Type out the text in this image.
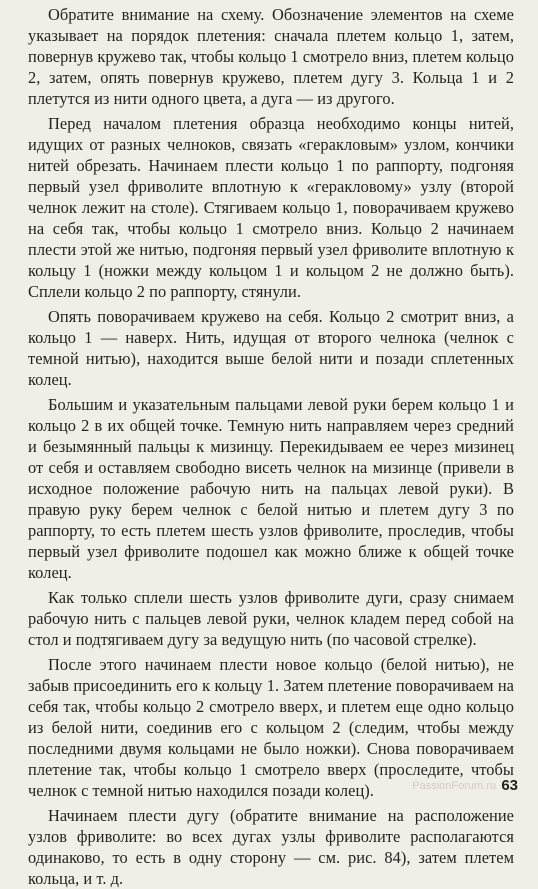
Обратите внимание на схему. Обозначение элементов на схеме указывает на порядок плетения: сначала плетем кольцо 1, затем, повернув кружево так, чтобы кольцо 1 смотрело вниз, плетем кольцо 2, затем, опять повернув кружево, плетем дугу 3. Кольца 1 и 2 плетутся из нити одного цвета, а дуга — из другого.

Перед началом плетения образца необходимо концы нитей, идущих от разных челноков, связать «геракловым» узлом, кончики нитей обрезать. Начинаем плести кольцо 1 по раппорту, подгоняя первый узел фриволите вплотную к «геракловому» узлу (второй челнок лежит на столе). Стягиваем кольцо 1, поворачиваем кружево на себя так, чтобы кольцо 1 смотрело вниз. Кольцо 2 начинаем плести этой же нитью, подгоняя первый узел фриволите вплотную к кольцу 1 (ножки между кольцом 1 и кольцом 2 не должно быть). Сплели кольцо 2 по раппорту, стянули.

Опять поворачиваем кружево на себя. Кольцо 2 смотрит вниз, а кольцо 1 — наверх. Нить, идущая от второго челнока (челнок с темной нитью), находится выше белой нити и позади сплетенных колец.

Большим и указательным пальцами левой руки берем кольцо 1 и кольцо 2 в их общей точке. Темную нить направляем через средний и безымянный пальцы к мизинцу. Перекидываем ее через мизинец от себя и оставляем свободно висеть челнок на мизинце (привели в исходное положение рабочую нить на пальцах левой руки). В правую руку берем челнок с белой нитью и плетем дугу 3 по раппорту, то есть плетем шесть узлов фриволите, проследив, чтобы первый узел фриволите подошел как можно ближе к общей точке колец.

Как только сплели шесть узлов фриволите дуги, сразу снимаем рабочую нить с пальцев левой руки, челнок кладем перед собой на стол и подтягиваем дугу за ведущую нить (по часовой стрелке).

После этого начинаем плести новое кольцо (белой нитью), не забыв присоединить его к кольцу 1. Затем плетение поворачиваем на себя так, чтобы кольцо 2 смотрело вверх, и плетем еще одно кольцо из белой нити, соединив его с кольцом 2 (следим, чтобы между последними двумя кольцами не было ножки). Снова поворачиваем плетение так, чтобы кольцо 1 смотрело вверх (проследите, чтобы челнок с темной нитью находился позади колец).

Начинаем плести дугу (обратите внимание на расположение узлов фриволите: во всех дугах узлы фриволите располагаются одинаково, то есть в одну сторону — см. рис. 84), затем плетем кольца, и т. д.

PassionForum.ru 63
